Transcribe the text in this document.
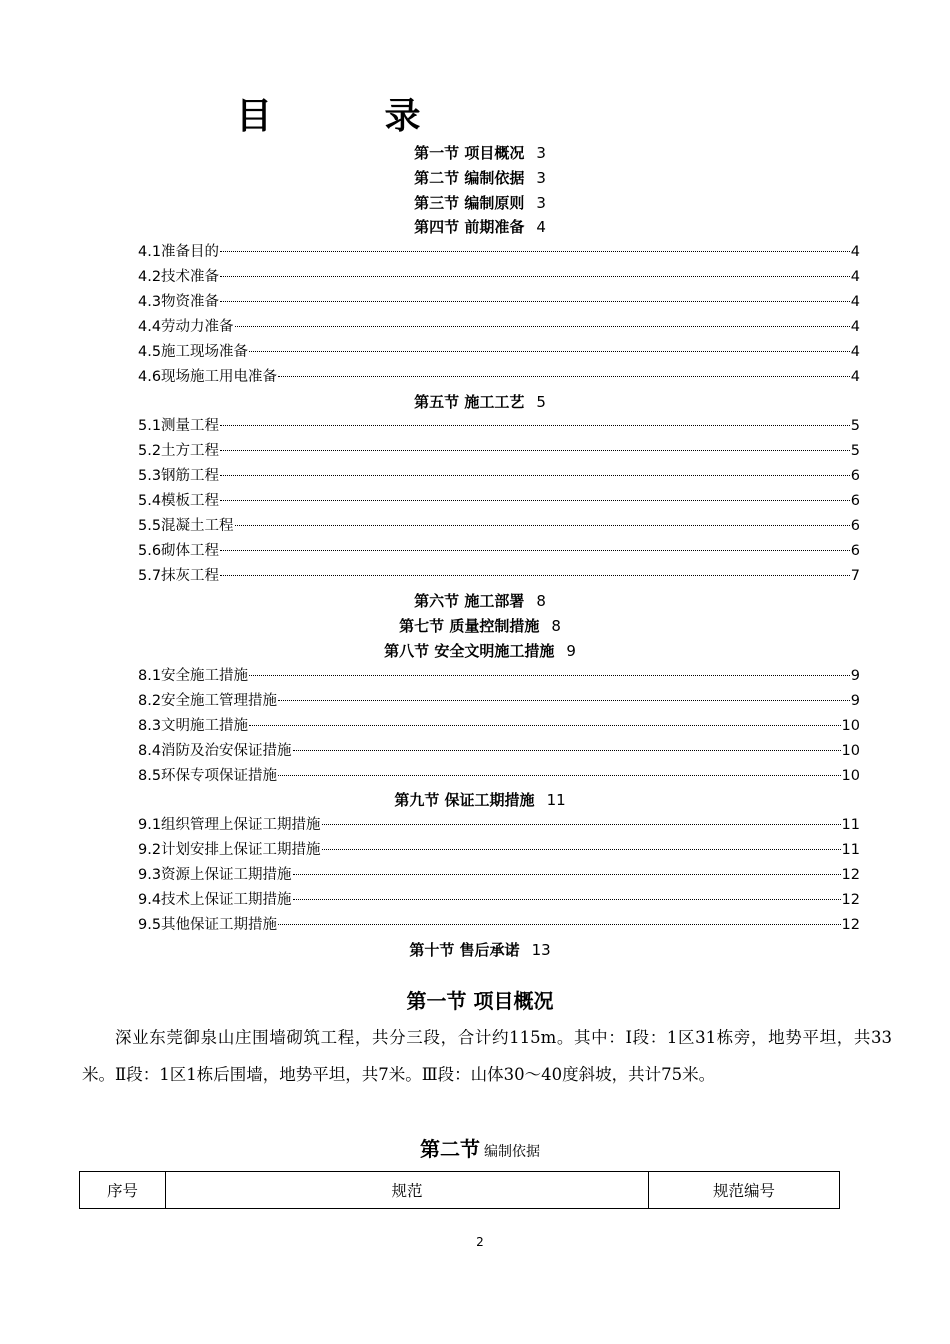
目 录
第一节 项目概况 3
第二节 编制依据 3
第三节 编制原则 3
第四节 前期准备 4
4.1准备目的	4
4.2技术准备	4
4.3物资准备	4
4.4劳动力准备	4
4.5施工现场准备	4
4.6现场施工用电准备	4
第五节 施工工艺 5
5.1测量工程	5
5.2土方工程	5
5.3钢筋工程	6
5.4模板工程	6
5.5混凝土工程	6
5.6砌体工程	6
5.7抹灰工程	7
第六节 施工部署 8
第七节 质量控制措施 8
第八节 安全文明施工措施 9
8.1安全施工措施	9
8.2安全施工管理措施	9
8.3文明施工措施	10
8.4消防及治安保证措施	10
8.5环保专项保证措施	10
第九节 保证工期措施 11
9.1组织管理上保证工期措施	11
9.2计划安排上保证工期措施	11
9.3资源上保证工期措施	12
9.4技术上保证工期措施	12
9.5其他保证工期措施	12
第十节 售后承诺 13
第一节 项目概况
深业东莞御泉山庄围墙砌筑工程，共分三段，合计约115m。其中：Ⅰ段：1区31栋旁，地势平坦，共33米。Ⅱ段：1区1栋后围墙，地势平坦，共7米。Ⅲ段：山体30～40度斜坡，共计75米。
第二节 编制依据
序号	规范	规范编号
2
